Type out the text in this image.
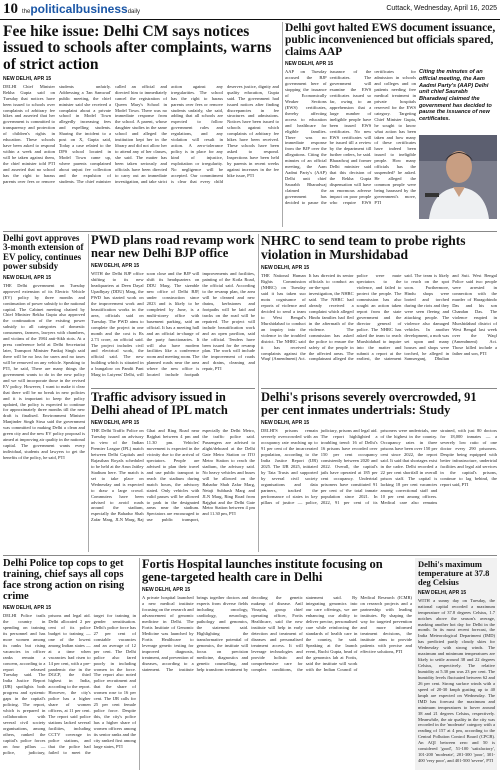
10 thepoliticalbusinessdaily	Cuttack, Wednesday, April 16, 2025
Fee hike issue: Delhi CM says notices issued to schools after complaints, warns of strict action
NEW DELHI, APR 15
DELHI Chief Minister Rekha Gupta said on Tuesday that notices have been issued to schools over complaints of arbitrary fee hikes and asserted that her government is committed to transparency and protection of children's rights in education. These schools have been asked to respond within a week and action will be taken against them, the chief minister told PTI and asserted that no school has the right to harass parents over fees or remove students unfairly. Addressing a 'Jan Samwad' public meeting, the chief minister said she received a complaint about a private school in Model Town allegedly increasing fees and expelling students. Sharing the incident to a post on X, Gupta said, Today a case related to the DPS school located in Model Town came up, where parents complained about unjust fee collection and the expulsion of students. The chief minister called an official and directed him to immediately cancel the registration of Queen Mary's School in Model Town. There was no immediate response from the school. A parent, whose daughter studies in the same school and alleged the institution kept her in the library and did not allow her to attend any of her classes, she said. The matter has been taken seriously and officials have been directed to carry out an immediate investigation, and take strict action against any irregularities. The school has the right to harass parents over fees or remove students unfairly, she said, adding that all schools are expected to follow government rules and regulations, and any violation will result in action. A zero-tolerance policy is in place for any kind of injustice, exploitation or irregularity. No negligence will be accepted. Our commitment is clear that every child deserves justice, dignity and quality education, Gupta said. The government had issued notices after finding discrepancies in fee structures and admissions. Notices have been issued to schools against which complaints of arbitrary fee hikes have been received. These schools have been asked to respond. Inspections have been held by parents in recent weeks against increases in the fee hike issue, PTI
Delhi govt halted EWS document issuance, public inconvenienced but officials spared, claims AAP
NEW DELHI, APR 15
AAP on Tuesday accused the BJP government here of stopping the issuance of Economically Weaker Sections (EWS) certificates, thereby affecting access to education and healthcare for eligible families. There was no immediate response from the BJP over the allegations. Citing the minutes of an official meeting, the Aam Aadmi Party's (AAP) Delhi unit chief Saurabh Bharadwaj claimed the government has decided to pause the issuance of the certificates. The government will examine the EWS certificates issued so far, owing to an apprehension that a large number of ineligible people have been issued EWS certificates. No new EWS certificates will be issued till a review by the department till further orders, he said. Bharadwaj and former Delhi minister said that this decision of the Rekha Gupta dispensation will have an enormous adverse impact on poor people who require EWS certificates for admission in schools and colleges and on patients needing free medical treatment in private hospitals reserved for the EWS category. Targeting Chief Minister Gupta, he sought to know what action has been taken and how many of these certificates have indeed been issued to ineligible people. How many officials has the suspended? he asked. He alleged the common people were being harassed by the government's move, PTI
Citing the minutes of an official meeting, the Aam Aadmi Party's (AAP) Delhi unit chief Saurabh Bharadwaj claimed the government has decided to pause the issuance of new certificates.
Delhi govt approves 3-month extension of EV policy, continues power subsidy
NEW DELHI, APR 15
THE Delhi government on Tuesday approved extension of its Electric Vehicle (EV) policy by three months and continuation of power subsidy to the national capital. The Cabinet meeting chaired by Chief Minister Rekha Gupta also approved the continuation of the existing power subsidy to all categories of domestic consumers, farmers, lawyers with chambers, and victims of the 1984 anti-Sikh riots. At a press conference held at Delhi Secretariat later, Transport Minister Pankaj Singh said there will be no loss for users and no taxes will be removed on any vehicle. Speaking to PTI, he said, There are many things the government wants to do in the new policy and we will incorporate those in the revised EV policy. However, I want to make it clear that there will be no break in new policies and it is important to keep the policy updated, the policy is expected to continue for approximately three months till the new draft is finalised. Environment Minister Manjinder Singh Sirsa said the government was committed to making Delhi a clean and green city and the new EV policy proposal is aimed at improving air quality in the national capital. The government wants every individual, students and lawyers to get the benefits of the policy, he said, PTI
PWD plans road revamp work near new Delhi BJP office
NEW DELHI, APR 15
WITH the Delhi BJP office shifting to its new headquarters at Deen Dayal Upadhyay (DDU) Marg, the PWD has started work on the improvement work and beautification works in the area, officials said on Tuesday. The PWD aims to complete the project in one month and the cost is Rs 2.73 crore, an official said. The project includes civil and electrical work, the official said. The new building which is situated in a bungalow on Pandit Pant Marg in Lutyens' Delhi, will soon close and the BJP will shift its headquarters on DDU Marg. The sizeable new office of Delhi BJP, under construction since 2023 and is likely to be completed by June, is a multi-storey office with basement parking, said an official. It has a meeting hall and an official in-charge of the party functionaries. It will also have modern facilities like a conference room and meeting room. The planned roads near the area where the new office is located include footpath improvements and facilities, painting of the Kotla Road, the official said. According to the revamp plan, the area will be cleaned and new drains, kerbstones and footpaths will be laid and tracks on the road will be repaired. The project will include beautification work and an open pavilion, said the official. Tenders have been issued for the revamp plan. The work will include the improvement of roads and drains, cleaning and repair, PTI
Traffic advisory issued in Delhi ahead of IPL match
NEW DELHI, APR 15
THE Delhi Traffic Police on Tuesday issued an advisory in view of the Indian Premier League (IPL) match between Delhi Capitals and Rajasthan Royals scheduled to be held at the Arun Jaitley Stadium here. The match is set to take place on Wednesday and is expected to draw a large crowd. Commuters have been advised to avoid roads around the stadium, especially the Bahadur Shah Zafar Marg, JLN Marg, Raj Ghat and Ring Road near Rajghat between 4 pm and 11.30 pm. Vehicles' movement is expected in the vicinity due to the arrival of spectators. People are advised to plan their travel and use public transport to reach the stadium during match hours, the advisory stated. Only vehicles with valid passes will be allowed to park in the designated areas near the stadium. Spectators are encouraged to use public transport, especially the Delhi Metro, the traffic police said. Passengers are advised to alight/deboard at the Delhi Gate Metro Station or ITO Metro Station to reach the stadium, the advisory said. No heavy vehicles and buses will be allowed on the Bahadur Shah Zafar Marg, Netaji Subhash Marg and JLN Marg, Ring Road from Rajghat and the Delhi Gate Metro Station between 4 pm and 11.30 pm, PTI
NHRC to send team to probe rights violation in Murshidabad
NEW DELHI, APR 15
THE National Human Rights Commission (NHRC) on Tuesday said it has taken suo motu cognisance of reports of violence and decided to send a team to West Bengal's Murshidabad to conduct an inquiry into the violence in the troubled district. The NHRC said it has received complaints against the Waqf (Amendment) Act. It has directed its senior officials to conduct an on-the-spot investigation, the NHRC said. The NHRC had already received a complaint which alleged Hindu families had fled in the aftermath of the violence. The commission has asked the police to ensure the safety of the people in the affected areas. The complainant alleged the police were mute spectators to the violence, and failed to protect the people. The commission has also sought an action taken report from the state government and the director general of police. The NHRC has asked the team to reach Murshidabad to inquire into the matter and submit a report at the earliest, the statement said. The team is likely to reach on the spot soon. Furthermore, Hindu shops were looted and torched during the riots and they were seen fleeing and attacking people. The violence also damaged vehicles. In another development, a mob was set upon and many houses and shops were torched, he alleged in Samserganj, Dhulian and Suti. West Bengal Police said two people were arrested in connection with the murder of Haragobindo Das and his son Chandan Das. The violence erupted in Murshidabad district of West Bengal last week over the Waqf (Amendment) Act. Those killed include a father and son, PTI
Delhi's prisons severely overcrowded, 91 per cent inmates undertrials: Study
NEW DELHI, APR 15
DELHI'S prisons remain severely overcrowded with an occupancy rate reaching up to 91 per cent of the incarcerated population, according to the India Justice Report (IJR) 2025. The IJR 2025, initiated by Tata Trusts and supported by several civil society organisations and data partners, tracked the performance of states in key pillars of justice — police, judiciary, prisons and legal aid. The report highlighted a troubling trend: 16 of Delhi's 16 prisons have recorded over 150 per cent occupancy consistently between 2020 and 2022. Overall, the capital's jails have operated at 185 per cent occupancy. Undertrial prisoners have constituted 91 per cent of the total inmate population since 2021. In 2022, 91 per cent of its prisoners were undertrials, one of the highest in the country. Occupancy rates in three prisons have been over 150 per cent since 2022, the report said. It said that shortages exist in the cadre. Delhi recorded a 22 per cent shortfall in overall prison staff. The capital is lacking 18 per cent vacancies among correctional staff and 10 per cent among officers. Medical care also remains strained, with just 80 doctors for 18,000 inmates — a severely low ratio of one doctor every 290 prisoners. Despite being equipped with better infrastructure, undertrial facilities and legal aid services in the capital's prisons, continue to lag behind, the report said, PTI
Delhi Police top cops to get training, chief says all cops face strong action on rising crime
NEW DELHI, APR 15
DELHI Police trails the country in spending on training its personnel and has more women among its ranks but rising vacancies in officer ranks remain a concern, according to a report released Tuesday said. The India Justice Report (IJR) spotlights both progress and systemic gaps in the capital's policing. The report, which is prepared in collaboration with several civil society organisations, among others, ranked the capital's police forces on four pillars — police, judiciary, prisons and legal aid. Delhi allocated 2 per cent of its police budget to training — one of the lowest among Indian states — at a time when vacancies had risen to 14 per cent, with a pre-pandemic rise in the DGCP, the third highest in India, according to the report. However, the city's police has a higher share of women officers, at 11 per cent. The report said police stations lacked several facilities, including CCTV coverage in police stations, and that the police had failed to meet the target for training in gender sensitisation. Delhi's police force has 27 per cent of constable vacancies and an average of 12 per cent. The Delhi police also fared poorly in including women in the force. The report also noted police recruitment and that the share of women rose to 16 per cent. The IJR calls for 25 per cent female police force. Despite this, the city's police has a higher share of women officers among its senior ranks and the city ranked first among large states, PTI
Fortis Hospital launches institute focusing on gene-targeted health care in Delhi
NEW DELHI, APR 15
A private hospital launched a new medical institute focusing on the research and advancement of genomic medicine in Delhi. The Fortis Institute of Genomic Medicine was launched by Fortis Healthcare to leverage genetic testing for improved diagnosis, treatment, and prevention of diseases, according to a statement. The institute brings together doctors and experts from diverse fields including oncology, cardiology, neurology, pathology and genomics, the statement said. Highlighting the transformative potential of genomics, the institute will focus on precision medicine, diagnostics and genetic counselling, and help transform treatment by decoding the genetic makeup of disease. Anil Vinayak, group chief operating officer, Fortis Healthcare, said the new institute will help in early detection and treatment of diseases and personalised treatment access. It will leverage technologies and provide holistic and comprehensive care for complex conditions, the statement said. By integrating genomics into our care offerings, we are enhancing our ability to deliver precise, personalised care while reinforcing the standards of health care in the country, he said. Speaking at the launch event, Ruchi Gupta, head of the genomics lab at Fortis, said the institute will work with the Indian Council of Medical Research (ICMR) on research projects and a partnership with leading institutes. By shaping the way for targeted prevention and more informed treatment decisions, the institute aims to provide patients with precise and effective solutions, PTI
Delhi's maximum temperature at 37.8 deg Celsius
NEW DELHI, APR 15
WITH a sunny day on Tuesday, the national capital recorded a maximum temperature of 37.8 degrees Celsius, 1.7 notches above the season's average, marking another hot day for Delhi in the month. In its most recent forecast, the India Meteorological Department (IMD) has predicted partly cloudy skies for Wednesday with strong winds. The maximum and minimum temperatures are likely to settle around 38 and 22 degrees Celsius, respectively. The relative humidity at 5.30 pm was 23 per cent. The humidity levels fluctuated between 62 and 26 per cent. Strong surface winds with a speed of 20-30 kmph gusting up to 40 kmph are expected on Wednesday. The IMD has forecast the maximum and minimum temperatures to hover around 38 and 21 degrees Celsius, respectively. Meanwhile, the air quality in the city was recorded in the 'moderate' category with a reading of 157 at 4 pm, according to the Central Pollution Control Board (CPCB). An AQI between zero and 50 is considered 'good', 51-100 'satisfactory', 101-200 'moderate', 201-300 'poor', 301-400 'very poor', and 401-500 'severe', PTI
